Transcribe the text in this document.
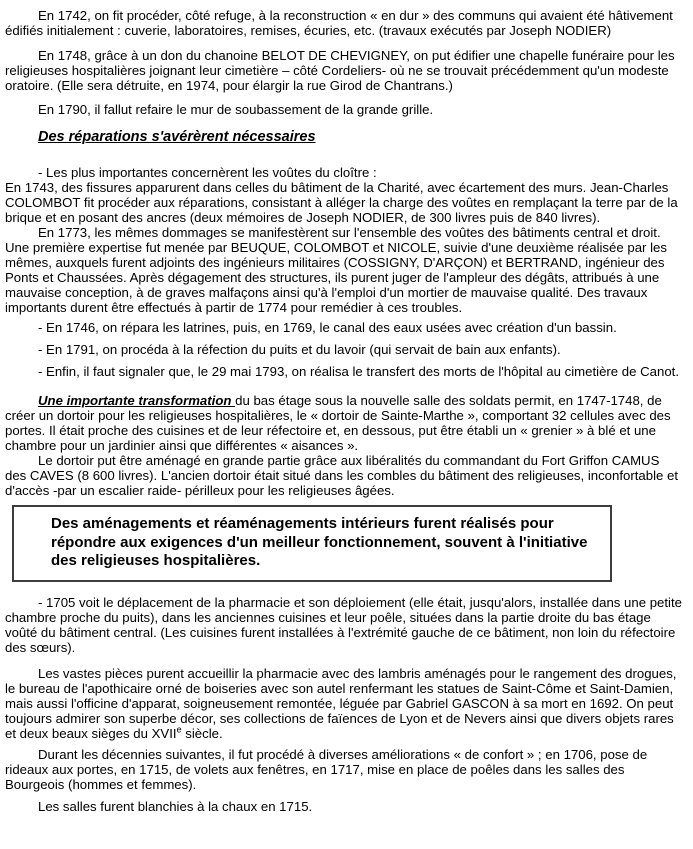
En 1742, on fit procéder, côté refuge, à la reconstruction « en dur » des communs qui avaient été hâtivement édifiés initialement : cuverie, laboratoires, remises, écuries, etc. (travaux exécutés par Joseph NODIER)

En 1748, grâce à un don du chanoine BELOT DE CHEVIGNEY, on put édifier une chapelle funéraire pour les religieuses hospitalières joignant leur cimetière – côté Cordeliers- où ne se trouvait précédemment qu'un modeste oratoire. (Elle sera détruite, en 1974, pour élargir la rue Girod de Chantrans.)

En 1790, il fallut refaire le mur de soubassement de la grande grille.

Des réparations s'avérèrent nécessaires

- Les plus importantes concernèrent les voûtes du cloître :

En 1743, des fissures apparurent dans celles du bâtiment de la Charité, avec écartement des murs. Jean-Charles COLOMBOT fit procéder aux réparations, consistant à alléger la charge des voûtes en remplaçant la terre par de la brique et en posant des ancres (deux mémoires de Joseph NODIER, de 300 livres puis de 840 livres).

En 1773, les mêmes dommages se manifestèrent sur l'ensemble des voûtes des bâtiments central et droit. Une première expertise fut menée par BEUQUE, COLOMBOT et NICOLE, suivie d'une deuxième réalisée par les mêmes, auxquels furent adjoints des ingénieurs militaires (COSSIGNY, D'ARÇON) et BERTRAND, ingénieur des Ponts et Chaussées. Après dégagement des structures, ils purent juger de l'ampleur des dégâts, attribués à une mauvaise conception, à de graves malfaçons ainsi qu'à l'emploi d'un mortier de mauvaise qualité. Des travaux importants durent être effectués à partir de 1774 pour remédier à ces troubles.

- En 1746, on répara les latrines, puis, en 1769, le canal des eaux usées avec création d'un bassin.

- En 1791, on procéda à la réfection du puits et du lavoir (qui servait de bain aux enfants).

- Enfin, il faut signaler que, le 29 mai 1793, on réalisa le transfert des morts de l'hôpital au cimetière de Canot.

Une importante transformation du bas étage sous la nouvelle salle des soldats permit, en 1747-1748, de créer un dortoir pour les religieuses hospitalières, le « dortoir de Sainte-Marthe », comportant 32 cellules avec des portes. Il était proche des cuisines et de leur réfectoire et, en dessous, put être établi un « grenier » à blé et une chambre pour un jardinier ainsi que différentes « aisances ».

Le dortoir put être aménagé en grande partie grâce aux libéralités du commandant du Fort Griffon CAMUS des CAVES (8 600 livres). L'ancien dortoir était situé dans les combles du bâtiment des religieuses, inconfortable et d'accès -par un escalier raide- périlleux pour les religieuses âgées.

Des aménagements et réaménagements intérieurs furent réalisés pour répondre aux exigences d'un meilleur fonctionnement, souvent à l'initiative des religieuses hospitalières.

- 1705 voit le déplacement de la pharmacie et son déploiement (elle était, jusqu'alors, installée dans une petite chambre proche du puits), dans les anciennes cuisines et leur poêle, situées dans la partie droite du bas étage voûté du bâtiment central. (Les cuisines furent installées à l'extrémité gauche de ce bâtiment, non loin du réfectoire des sœurs).

Les vastes pièces purent accueillir la pharmacie avec des lambris aménagés pour le rangement des drogues, le bureau de l'apothicaire orné de boiseries avec son autel renfermant les statues de Saint-Côme et Saint-Damien, mais aussi l'officine d'apparat, soigneusement remontée, léguée par Gabriel GASCON à sa mort en 1692. On peut toujours admirer son superbe décor, ses collections de faïences de Lyon et de Nevers ainsi que divers objets rares et deux beaux sièges du XVIIe siècle.

Durant les décennies suivantes, il fut procédé à diverses améliorations « de confort » ; en 1706, pose de rideaux aux portes, en 1715, de volets aux fenêtres, en 1717, mise en place de poêles dans les salles des Bourgeois (hommes et femmes).

Les salles furent blanchies à la chaux en 1715.
